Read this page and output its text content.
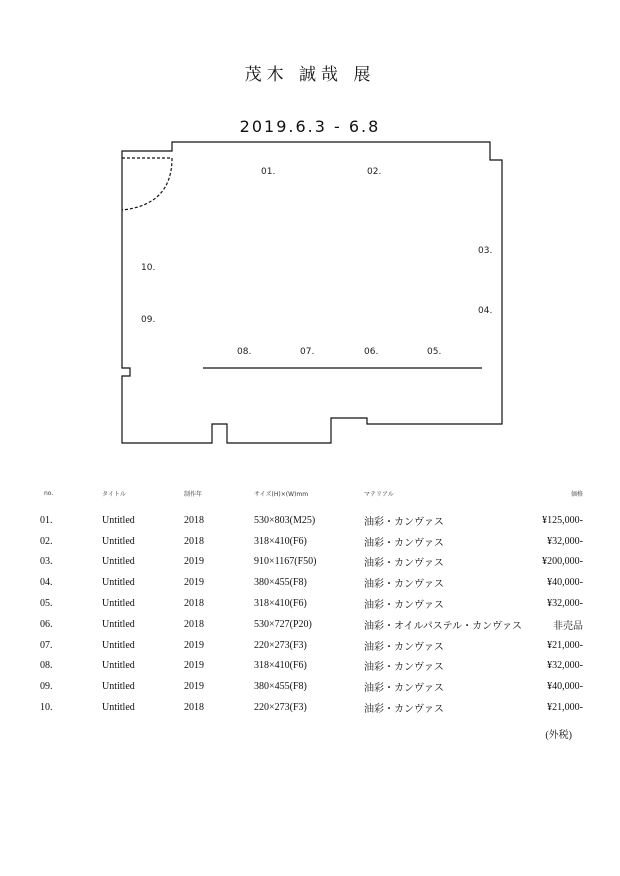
茂木 誠哉 展
2019.6.3 - 6.8
01.	02.
03.
04.
05.
06.
07.
08.
09.
10.
no.	タイトル	制作年	サイズ(H)×(W)mm	マテリアル	価格
01.	Untitled	2018	530×803(M25)	油彩・カンヴァス	¥125,000-
02.	Untitled	2018	318×410(F6)	油彩・カンヴァス	¥32,000-
03.	Untitled	2019	910×1167(F50)	油彩・カンヴァス	¥200,000-
04.	Untitled	2019	380×455(F8)	油彩・カンヴァス	¥40,000-
05.	Untitled	2018	318×410(F6)	油彩・カンヴァス	¥32,000-
06.	Untitled	2018	530×727(P20)	油彩・オイルパステル・カンヴァス	非売品
07.	Untitled	2019	220×273(F3)	油彩・カンヴァス	¥21,000-
08.	Untitled	2019	318×410(F6)	油彩・カンヴァス	¥32,000-
09.	Untitled	2019	380×455(F8)	油彩・カンヴァス	¥40,000-
10.	Untitled	2018	220×273(F3)	油彩・カンヴァス	¥21,000-
(外税)
